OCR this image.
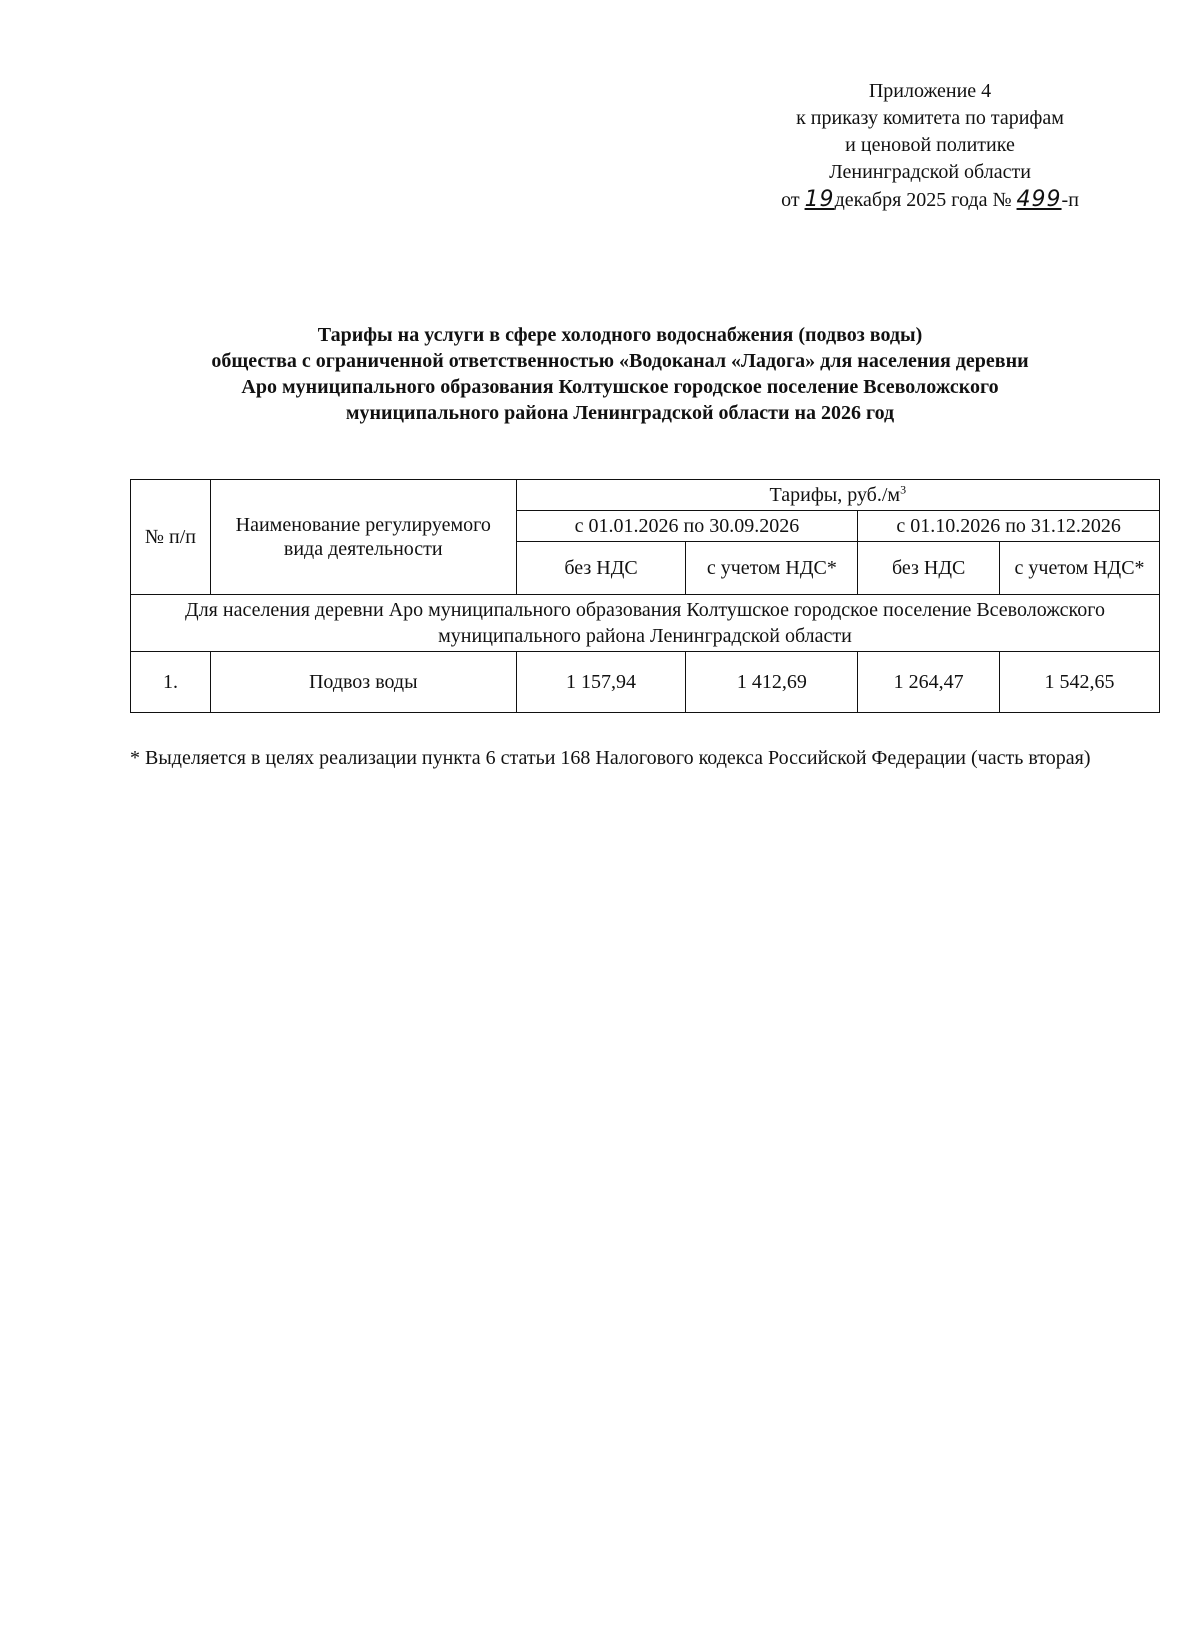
Приложение 4
к приказу комитета по тарифам
и ценовой политике
Ленинградской области
от 19декабря 2025 года № 499-п
Тарифы на услуги в сфере холодного водоснабжения (подвоз воды)
общества с ограниченной ответственностью «Водоканал «Ладога» для населения деревни
Аро муниципального образования Колтушское городское поселение Всеволожского
муниципального района Ленинградской области на 2026 год
№ п/п	Наименование регулируемого вида деятельности	Тарифы, $руб./м^3$
		с 01.01.2026 по 30.09.2026		с 01.10.2026 по 31.12.2026	
		без НДС	с учетом НДС*	без НДС	с учетом НДС*
Для населения деревни Аро муниципального образования Колтушское городское поселение Всеволожского муниципального района Ленинградской области					
1.	Подвоз воды	1 157,94	1 412,69	1 264,47	1 542,65
* Выделяется в целях реализации пункта 6 статьи 168 Налогового кодекса Российской Федерации (часть вторая)
